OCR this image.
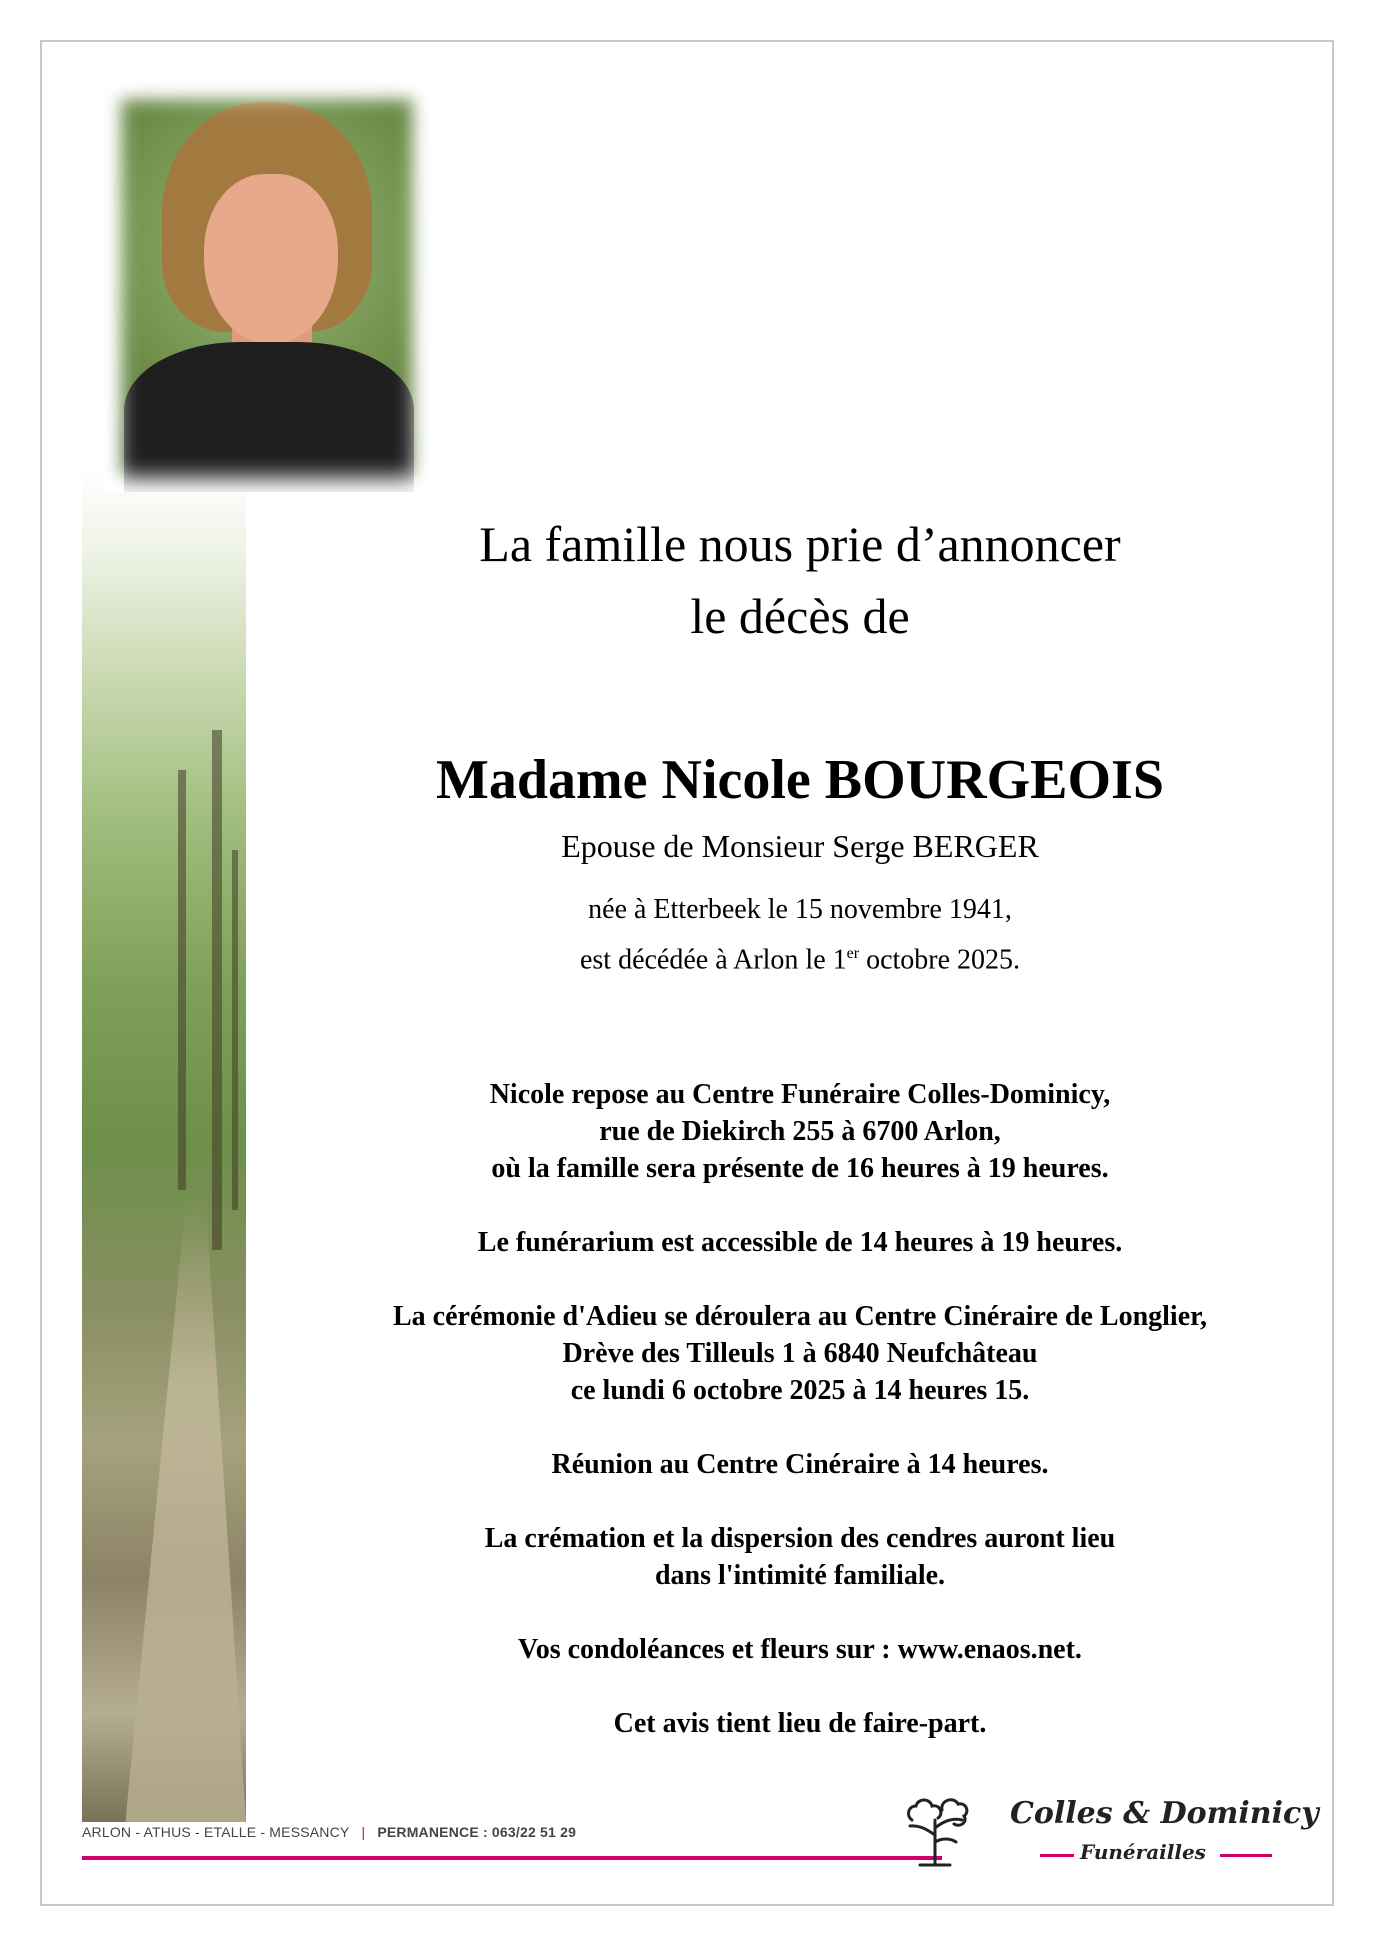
La famille nous prie d’annoncer
le décès de
Madame Nicole BOURGEOIS
Epouse de Monsieur Serge BERGER
née à Etterbeek le 15 novembre 1941,
est décédée à Arlon le 1er octobre 2025.

Nicole repose au Centre Funéraire Colles-Dominicy,
rue de Diekirch 255 à 6700 Arlon,
où la famille sera présente de 16 heures à 19 heures.

Le funérarium est accessible de 14 heures à 19 heures.

La cérémonie d'Adieu se déroulera au Centre Cinéraire de Longlier,
Drève des Tilleuls 1 à 6840 Neufchâteau
ce lundi 6 octobre 2025 à 14 heures 15.

Réunion au Centre Cinéraire à 14 heures.

La crémation et la dispersion des cendres auront lieu
dans l'intimité familiale.

Vos condoléances et fleurs sur : www.enaos.net.

Cet avis tient lieu de faire-part.

ARLON - ATHUS - ETALLE - MESSANCY | PERMANENCE : 063/22 51 29
Colles & Dominicy
Funérailles
